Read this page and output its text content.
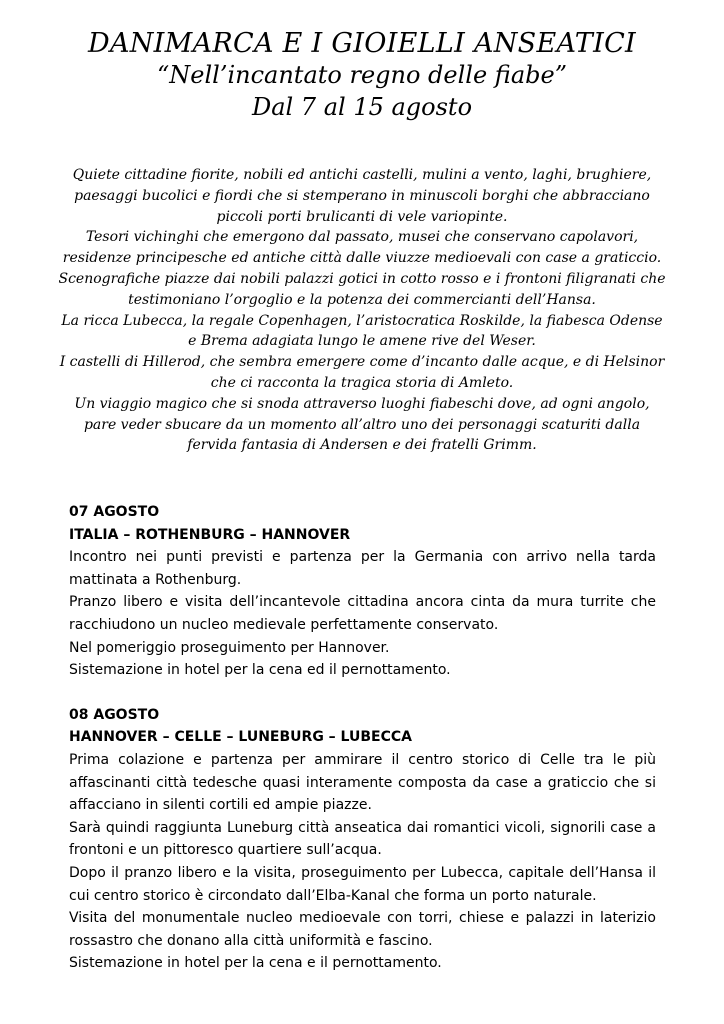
DANIMARCA E I GIOIELLI ANSEATICI
“Nell’incantato regno delle fiabe”
Dal 7 al 15 agosto

Quiete cittadine fiorite, nobili ed antichi castelli, mulini a vento, laghi, brughiere, paesaggi bucolici e fiordi che si stemperano in minuscoli borghi che abbracciano piccoli porti brulicanti di vele variopinte.

Tesori vichinghi che emergono dal passato, musei che conservano capolavori, residenze principesche ed antiche città dalle viuzze medioevali con case a graticcio.

Scenografiche piazze dai nobili palazzi gotici in cotto rosso e i frontoni filigranati che testimoniano l’orgoglio e la potenza dei commercianti dell’Hansa.

La ricca Lubecca, la regale Copenhagen, l’aristocratica Roskilde, la fiabesca Odense e Brema adagiata lungo le amene rive del Weser.

I castelli di Hillerod, che sembra emergere come d’incanto dalle acque, e di Helsinor che ci racconta la tragica storia di Amleto.

Un viaggio magico che si snoda attraverso luoghi fiabeschi dove, ad ogni angolo, pare veder sbucare da un momento all’altro uno dei personaggi scaturiti dalla fervida fantasia di Andersen e dei fratelli Grimm.

07 AGOSTO

ITALIA – ROTHENBURG – HANNOVER

Incontro nei punti previsti e partenza per la Germania con arrivo nella tarda mattinata a Rothenburg.

Pranzo libero e visita dell’incantevole cittadina ancora cinta da mura turrite che racchiudono un nucleo medievale perfettamente conservato.

Nel pomeriggio proseguimento per Hannover.

Sistemazione in hotel per la cena ed il pernottamento.

08 AGOSTO

HANNOVER – CELLE – LUNEBURG – LUBECCA

Prima colazione e partenza per ammirare il centro storico di Celle tra le più affascinanti città tedesche quasi interamente composta da case a graticcio che si affacciano in silenti cortili ed ampie piazze.

Sarà quindi raggiunta Luneburg città anseatica dai romantici vicoli, signorili case a frontoni e un pittoresco quartiere sull’acqua.

Dopo il pranzo libero e la visita, proseguimento per Lubecca, capitale dell’Hansa il cui centro storico è circondato dall’Elba-Kanal che forma un porto naturale.

Visita del monumentale nucleo medioevale con torri, chiese e palazzi in laterizio rossastro che donano alla città uniformità e fascino.

Sistemazione in hotel per la cena e il pernottamento.
